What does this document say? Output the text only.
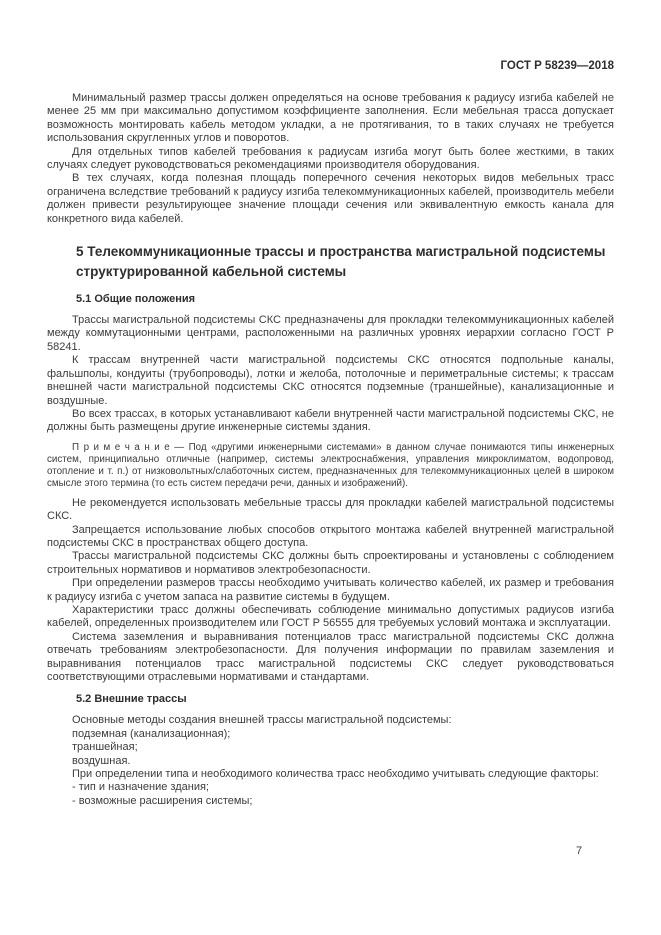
ГОСТ Р 58239—2018

Минимальный размер трассы должен определяться на основе требования к радиусу изгиба кабелей не менее 25 мм при максимально допустимом коэффициенте заполнения. Если мебельная трасса допускает возможность монтировать кабель методом укладки, а не протягивания, то в таких случаях не требуется использования скругленных углов и поворотов.

Для отдельных типов кабелей требования к радиусам изгиба могут быть более жесткими, в таких случаях следует руководствоваться рекомендациями производителя оборудования.

В тех случаях, когда полезная площадь поперечного сечения некоторых видов мебельных трасс ограничена вследствие требований к радиусу изгиба телекоммуникационных кабелей, производитель мебели должен привести результирующее значение площади сечения или эквивалентную емкость канала для конкретного вида кабелей.

5 Телекоммуникационные трассы и пространства магистральной подсистемы структурированной кабельной системы
5.1 Общие положения

Трассы магистральной подсистемы СКС предназначены для прокладки телекоммуникационных кабелей между коммутационными центрами, расположенными на различных уровнях иерархии согласно ГОСТ Р 58241.

К трассам внутренней части магистральной подсистемы СКС относятся подпольные каналы, фальшполы, кондуиты (трубопроводы), лотки и желоба, потолочные и периметральные системы; к трассам внешней части магистральной подсистемы СКС относятся подземные (траншейные), канализационные и воздушные.

Во всех трассах, в которых устанавливают кабели внутренней части магистральной подсистемы СКС, не должны быть размещены другие инженерные системы здания.

П р и м е ч а н и е — Под «другими инженерными системами» в данном случае понимаются типы инженерных систем, принципиально отличные (например, системы электроснабжения, управления микроклиматом, водопровод, отопление и т. п.) от низковольтных/слаботочных систем, предназначенных для телекоммуникационных целей в широком смысле этого термина (то есть систем передачи речи, данных и изображений).

Не рекомендуется использовать мебельные трассы для прокладки кабелей магистральной подсистемы СКС.

Запрещается использование любых способов открытого монтажа кабелей внутренней магистральной подсистемы СКС в пространствах общего доступа.

Трассы магистральной подсистемы СКС должны быть спроектированы и установлены с соблюдением строительных нормативов и нормативов электробезопасности.

При определении размеров трассы необходимо учитывать количество кабелей, их размер и требования к радиусу изгиба с учетом запаса на развитие системы в будущем.

Характеристики трасс должны обеспечивать соблюдение минимально допустимых радиусов изгиба кабелей, определенных производителем или ГОСТ Р 56555 для требуемых условий монтажа и эксплуатации.

Система заземления и выравнивания потенциалов трасс магистральной подсистемы СКС должна отвечать требованиям электробезопасности. Для получения информации по правилам заземления и выравнивания потенциалов трасс магистральной подсистемы СКС следует руководствоваться соответствующими отраслевыми нормативами и стандартами.

5.2 Внешние трассы

Основные методы создания внешней трассы магистральной подсистемы:

подземная (канализационная);

траншейная;

воздушная.

При определении типа и необходимого количества трасс необходимо учитывать следующие факторы:

- тип и назначение здания;

- возможные расширения системы;

7
